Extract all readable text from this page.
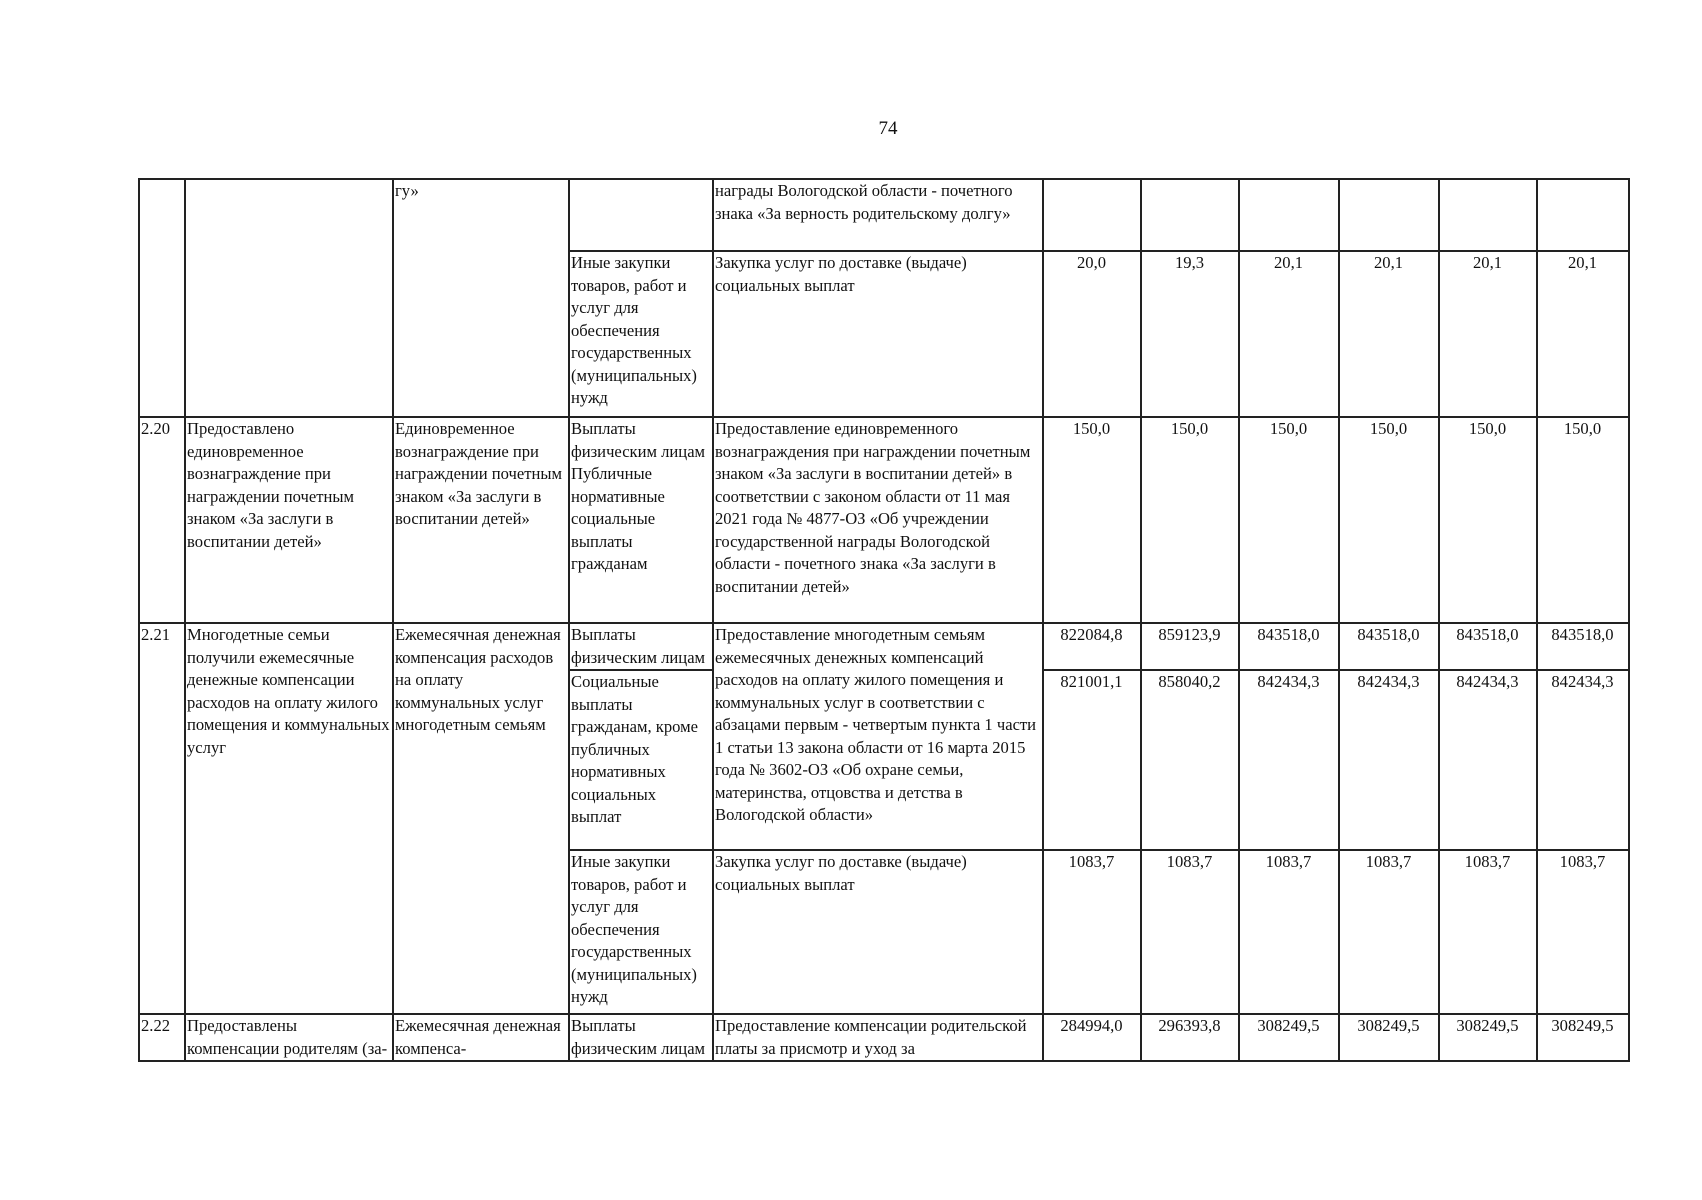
74
		гу»		награды Вологодской области - почетного знака «За верность родительскому долгу»						
			Иные закупки товаров, работ и услуг для обеспечения государственных (муниципальных) нужд	Закупка услуг по доставке (выдаче) социальных выплат	20,0	19,3	20,1	20,1	20,1	20,1
2.20	Предоставлено единовременное вознаграждение при награждении почетным знаком «За заслуги в воспитании детей»	Единовременное вознаграждение при награждении почетным знаком «За заслуги в воспитании детей»	Выплаты физическим лицам Публичные нормативные социальные выплаты гражданам	Предоставление единовременного вознаграждения при награждении почетным знаком «За заслуги в воспитании детей» в соответствии с законом области от 11 мая 2021 года № 4877-ОЗ «Об учреждении государственной награды Вологодской области - почетного знака «За заслуги в воспитании детей»	150,0	150,0	150,0	150,0	150,0	150,0
2.21	Многодетные семьи получили ежемесячные денежные компенсации расходов на оплату жилого помещения и коммунальных услуг	Ежемесячная денежная компенсация расходов на оплату коммунальных услуг многодетным семьям	Выплаты физическим лицам	Предоставление многодетным семьям ежемесячных денежных компенсаций расходов на оплату жилого помещения и коммунальных услуг в соответствии с абзацами первым - четвертым пункта 1 части 1 статьи 13 закона области от 16 марта 2015 года № 3602-ОЗ «Об охране семьи, материнства, отцовства и детства в Вологодской области»	822084,8	859123,9	843518,0	843518,0	843518,0	843518,0
			Социальные выплаты гражданам, кроме публичных нормативных социальных выплат		821001,1	858040,2	842434,3	842434,3	842434,3	842434,3

			Иные закупки товаров, работ и услуг для обеспечения государственных (муниципальных) нужд	Закупка услуг по доставке (выдаче) социальных выплат	1083,7	1083,7	1083,7	1083,7	1083,7	1083,7
2.22	Предоставлены компенсации родителям (за-	Ежемесячная денежная компенса-	Выплаты физическим лицам	Предоставление компенсации родительской платы за присмотр и уход за	284994,0	296393,8	308249,5	308249,5	308249,5	308249,5
